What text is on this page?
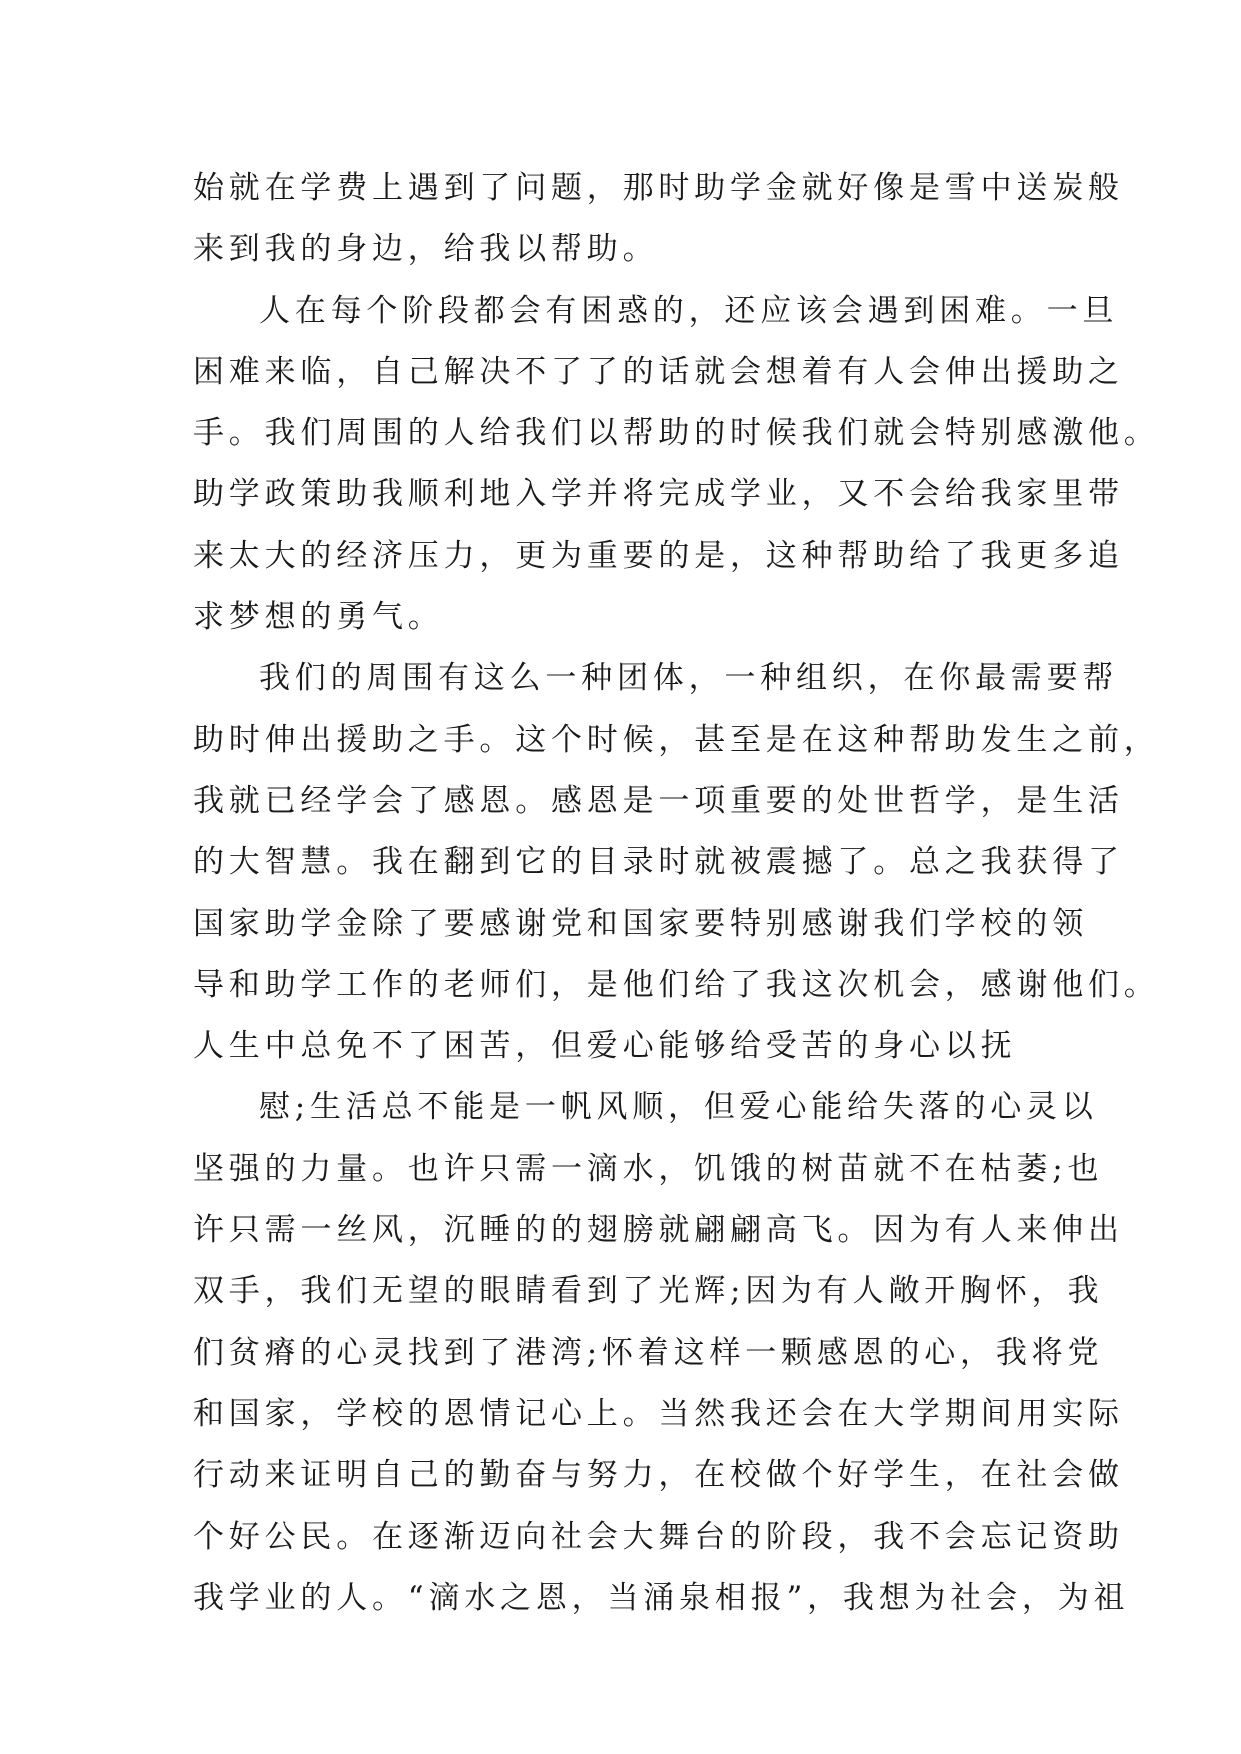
始就在学费上遇到了问题，那时助学金就好像是雪中送炭般
来到我的身边，给我以帮助。
人在每个阶段都会有困惑的，还应该会遇到困难。一旦
困难来临，自己解决不了了的话就会想着有人会伸出援助之
手。我们周围的人给我们以帮助的时候我们就会特别感激他。
助学政策助我顺利地入学并将完成学业，又不会给我家里带
来太大的经济压力，更为重要的是，这种帮助给了我更多追
求梦想的勇气。
我们的周围有这么一种团体，一种组织，在你最需要帮
助时伸出援助之手。这个时候，甚至是在这种帮助发生之前，
我就已经学会了感恩。感恩是一项重要的处世哲学，是生活
的大智慧。我在翻到它的目录时就被震撼了。总之我获得了
国家助学金除了要感谢党和国家要特别感谢我们学校的领
导和助学工作的老师们，是他们给了我这次机会，感谢他们。
人生中总免不了困苦，但爱心能够给受苦的身心以抚
慰;生活总不能是一帆风顺，但爱心能给失落的心灵以
坚强的力量。也许只需一滴水，饥饿的树苗就不在枯萎;也
许只需一丝风，沉睡的的翅膀就翩翩高飞。因为有人来伸出
双手，我们无望的眼睛看到了光辉;因为有人敞开胸怀，我
们贫瘠的心灵找到了港湾;怀着这样一颗感恩的心，我将党
和国家，学校的恩情记心上。当然我还会在大学期间用实际
行动来证明自己的勤奋与努力，在校做个好学生，在社会做
个好公民。在逐渐迈向社会大舞台的阶段，我不会忘记资助
我学业的人。“滴水之恩，当涌泉相报”，我想为社会，为祖
